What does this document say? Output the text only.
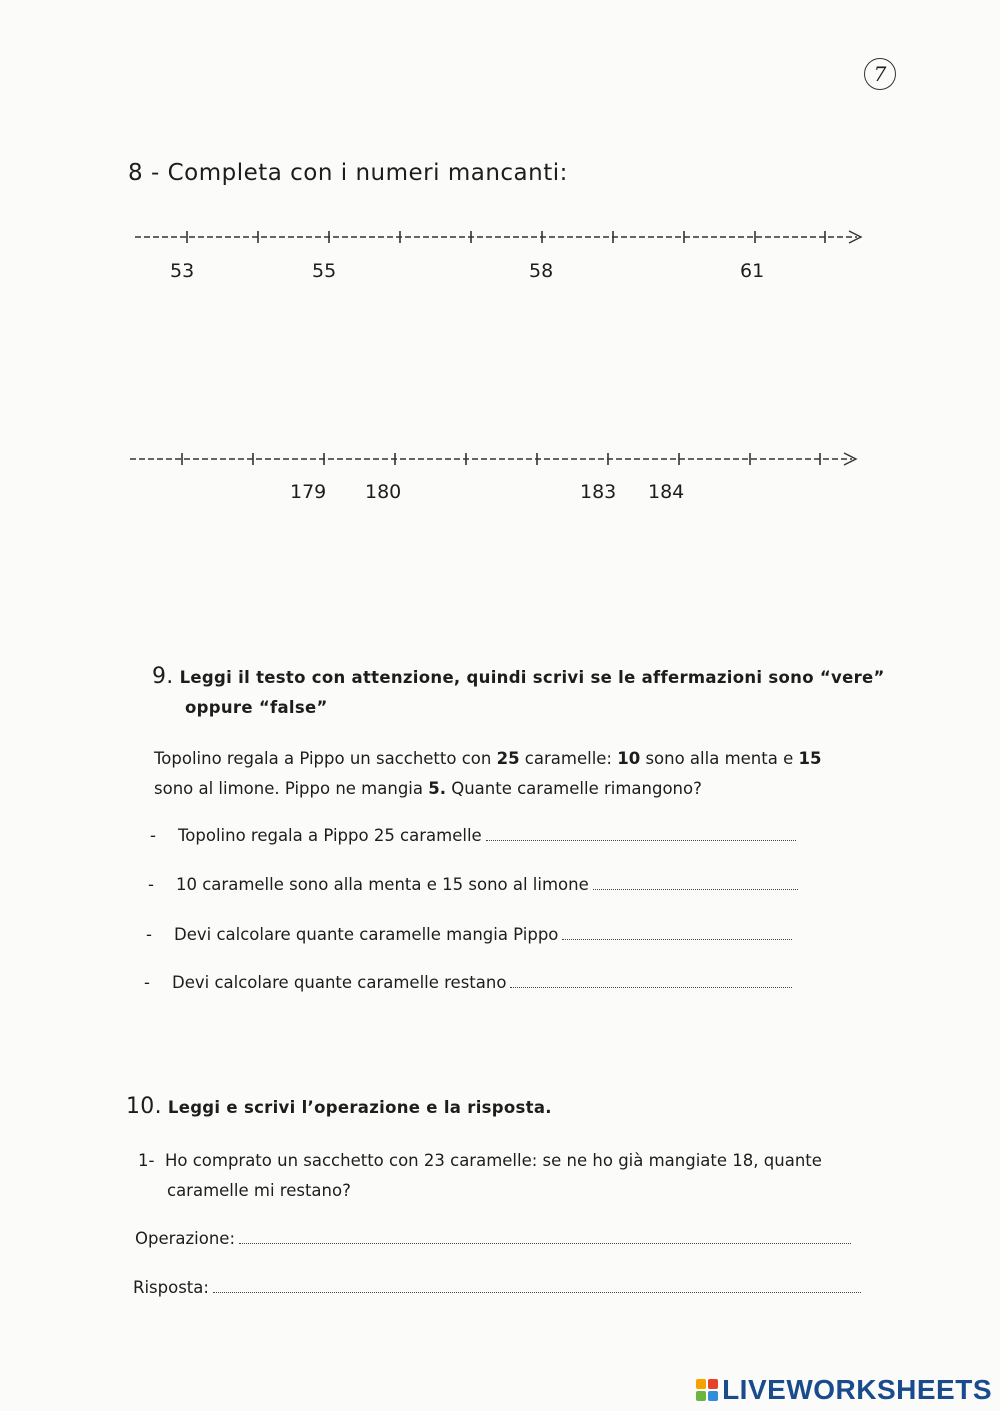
7
8 - Completa con i numeri mancanti:
53	55	58	61
179 180	183 184
9. Leggi il testo con attenzione, quindi scrivi se le affermazioni sono “vere”
oppure “false”
Topolino regala a Pippo un sacchetto con 25 caramelle: 10 sono alla menta e 15
sono al limone. Pippo ne mangia 5. Quante caramelle rimangono?
- Topolino regala a Pippo 25 caramelle
- 10 caramelle sono alla menta e 15 sono al limone
- Devi calcolare quante caramelle mangia Pippo
- Devi calcolare quante caramelle restano
10. Leggi e scrivi l’operazione e la risposta.
1- Ho comprato un sacchetto con 23 caramelle: se ne ho già mangiate 18, quante
caramelle mi restano?
Operazione:
Risposta:
LIVEWORKSHEETS
